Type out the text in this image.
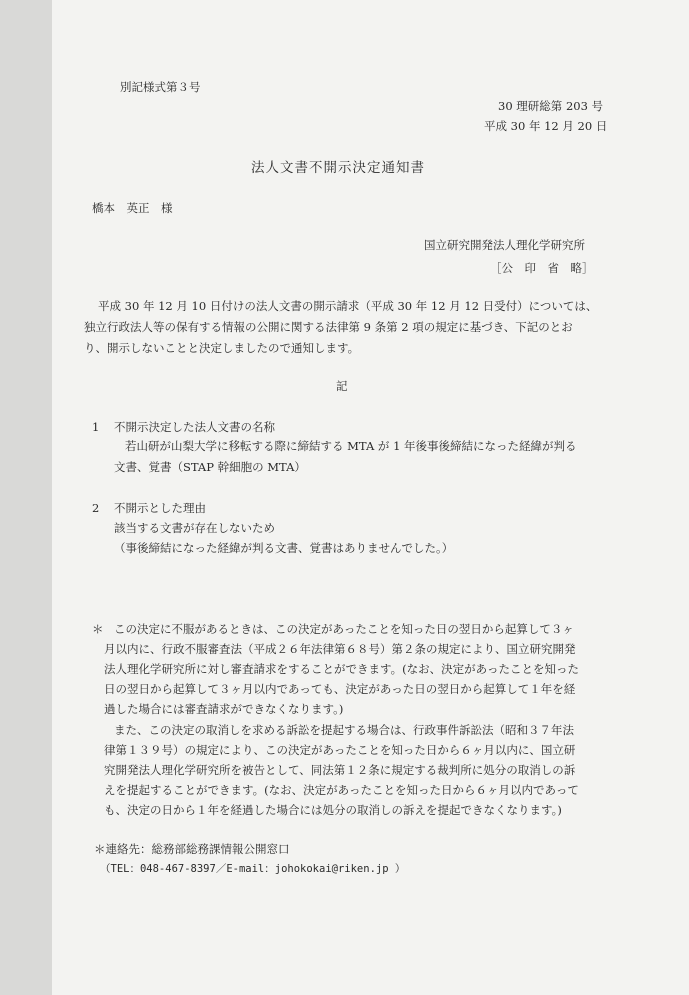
別記様式第３号
30 理研総第 203 号
平成 30 年 12 月 20 日
法人文書不開示決定通知書
橋本　英正　様
国立研究開発法人理化学研究所
［公　印　省　略］
平成 30 年 12 月 10 日付けの法人文書の開示請求（平成 30 年 12 月 12 日受付）については、
独立行政法人等の保有する情報の公開に関する法律第 9 条第 2 項の規定に基づき、下記のとお
り、開示しないことと決定しましたので通知します。
記
1 不開示決定した法人文書の名称
若山研が山梨大学に移転する際に締結する MTA が 1 年後事後締結になった経緯が判る
文書、覚書（STAP 幹細胞の MTA）
2 不開示とした理由
該当する文書が存在しないため
（事後締結になった経緯が判る文書、覚書はありませんでした。）
＊ この決定に不服があるときは、この決定があったことを知った日の翌日から起算して３ヶ
月以内に、行政不服審査法（平成２６年法律第６８号）第２条の規定により、国立研究開発
法人理化学研究所に対し審査請求をすることができます。(なお、決定があったことを知った
日の翌日から起算して３ヶ月以内であっても、決定があった日の翌日から起算して１年を経
過した場合には審査請求ができなくなります。)
また、この決定の取消しを求める訴訟を提起する場合は、行政事件訴訟法（昭和３７年法
律第１３９号）の規定により、この決定があったことを知った日から６ヶ月以内に、国立研
究開発法人理化学研究所を被告として、同法第１２条に規定する裁判所に処分の取消しの訴
えを提起することができます。(なお、決定があったことを知った日から６ヶ月以内であって
も、決定の日から１年を経過した場合には処分の取消しの訴えを提起できなくなります。)
＊連絡先：総務部総務課情報公開窓口
（TEL：048-467-8397／E-mail：johokokai@riken.jp ）
